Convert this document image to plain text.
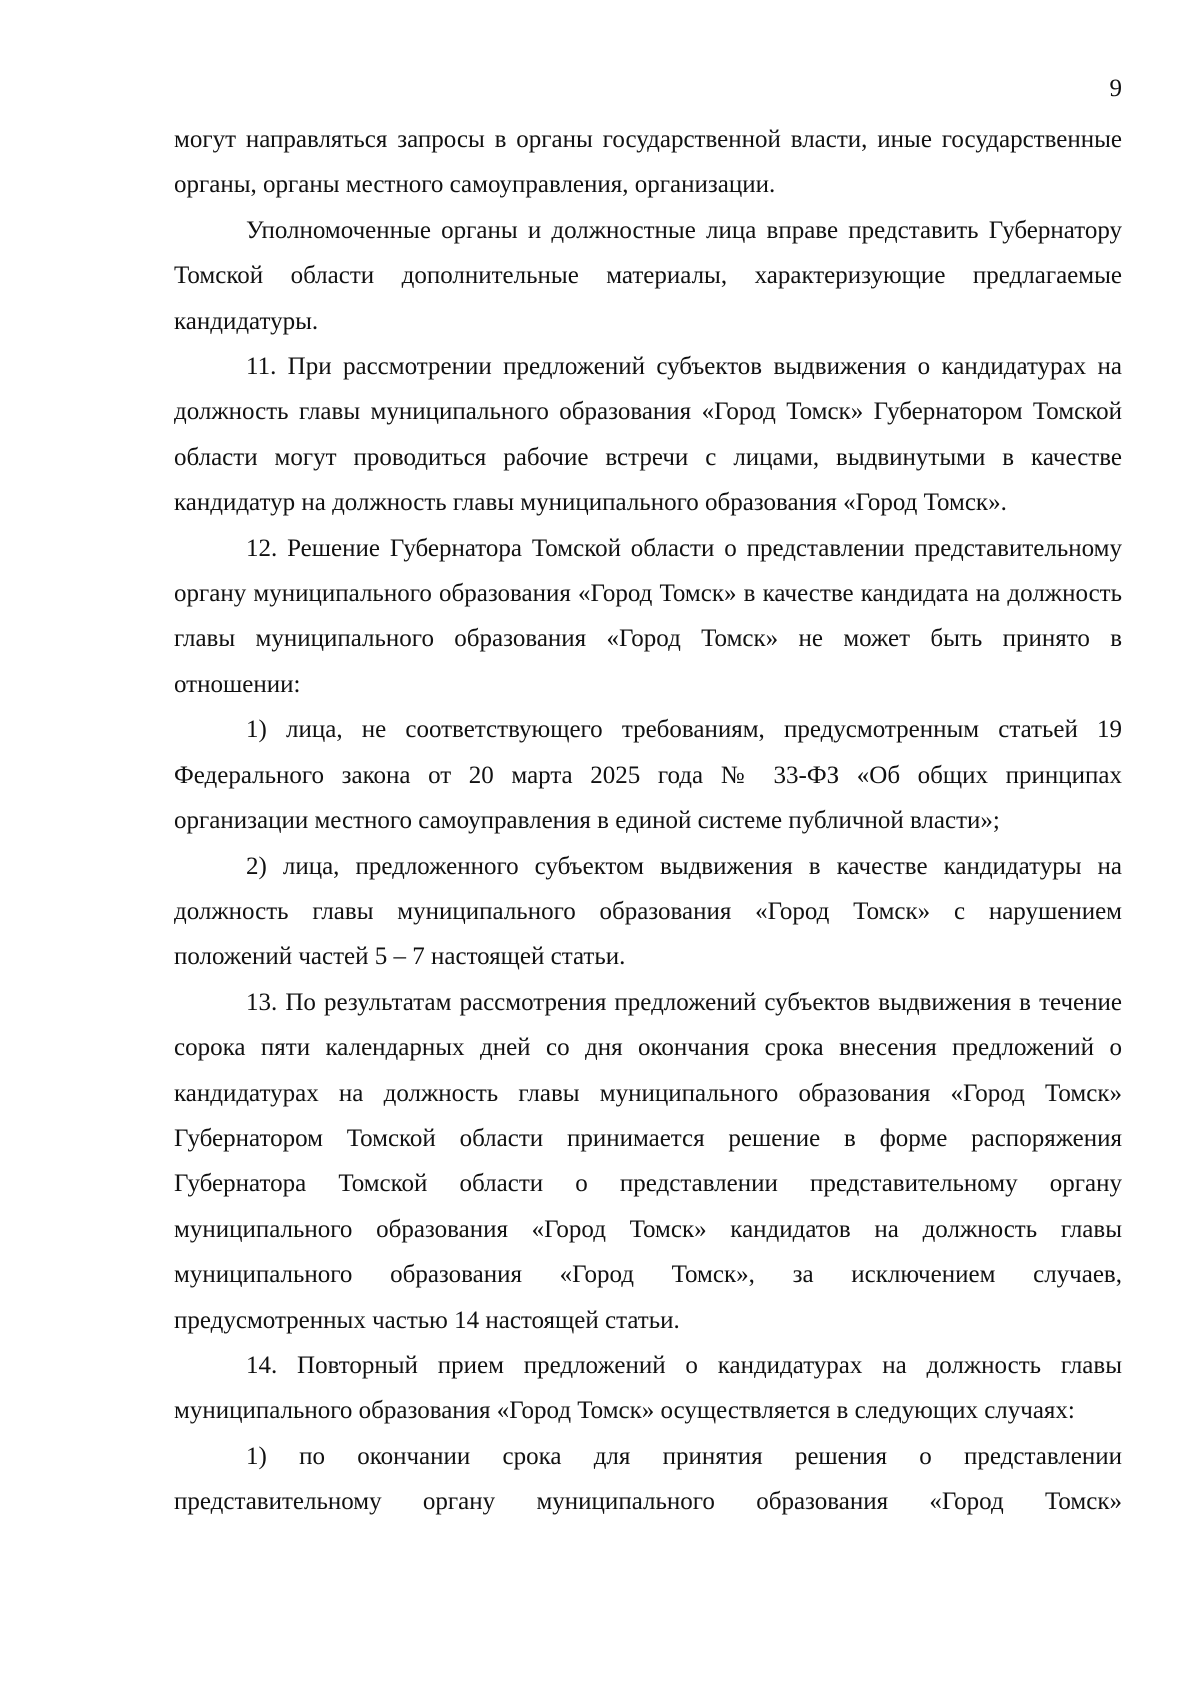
9

могут направляться запросы в органы государственной власти, иные государственные органы, органы местного самоуправления, организации.

Уполномоченные органы и должностные лица вправе представить Губернатору Томской области дополнительные материалы, характеризующие предлагаемые кандидатуры.

11. При рассмотрении предложений субъектов выдвижения о кандидатурах на должность главы муниципального образования «Город Томск» Губернатором Томской области могут проводиться рабочие встречи с лицами, выдвинутыми в качестве кандидатур на должность главы муниципального образования «Город Томск».

12. Решение Губернатора Томской области о представлении представительному органу муниципального образования «Город Томск» в качестве кандидата на должность главы муниципального образования «Город Томск» не может быть принято в отношении:

1) лица, не соответствующего требованиям, предусмотренным статьей 19 Федерального закона от 20 марта 2025 года № 33-ФЗ «Об общих принципах организации местного самоуправления в единой системе публичной власти»;

2) лица, предложенного субъектом выдвижения в качестве кандидатуры на должность главы муниципального образования «Город Томск» с нарушением положений частей 5 – 7 настоящей статьи.

13. По результатам рассмотрения предложений субъектов выдвижения в течение сорока пяти календарных дней со дня окончания срока внесения предложений о кандидатурах на должность главы муниципального образования «Город Томск» Губернатором Томской области принимается решение в форме распоряжения Губернатора Томской области о представлении представительному органу муниципального образования «Город Томск» кандидатов на должность главы муниципального образования «Город Томск», за исключением случаев, предусмотренных частью 14 настоящей статьи.

14. Повторный прием предложений о кандидатурах на должность главы муниципального образования «Город Томск» осуществляется в следующих случаях:

1) по окончании срока для принятия решения о представлении представительному органу муниципального образования «Город Томск»
